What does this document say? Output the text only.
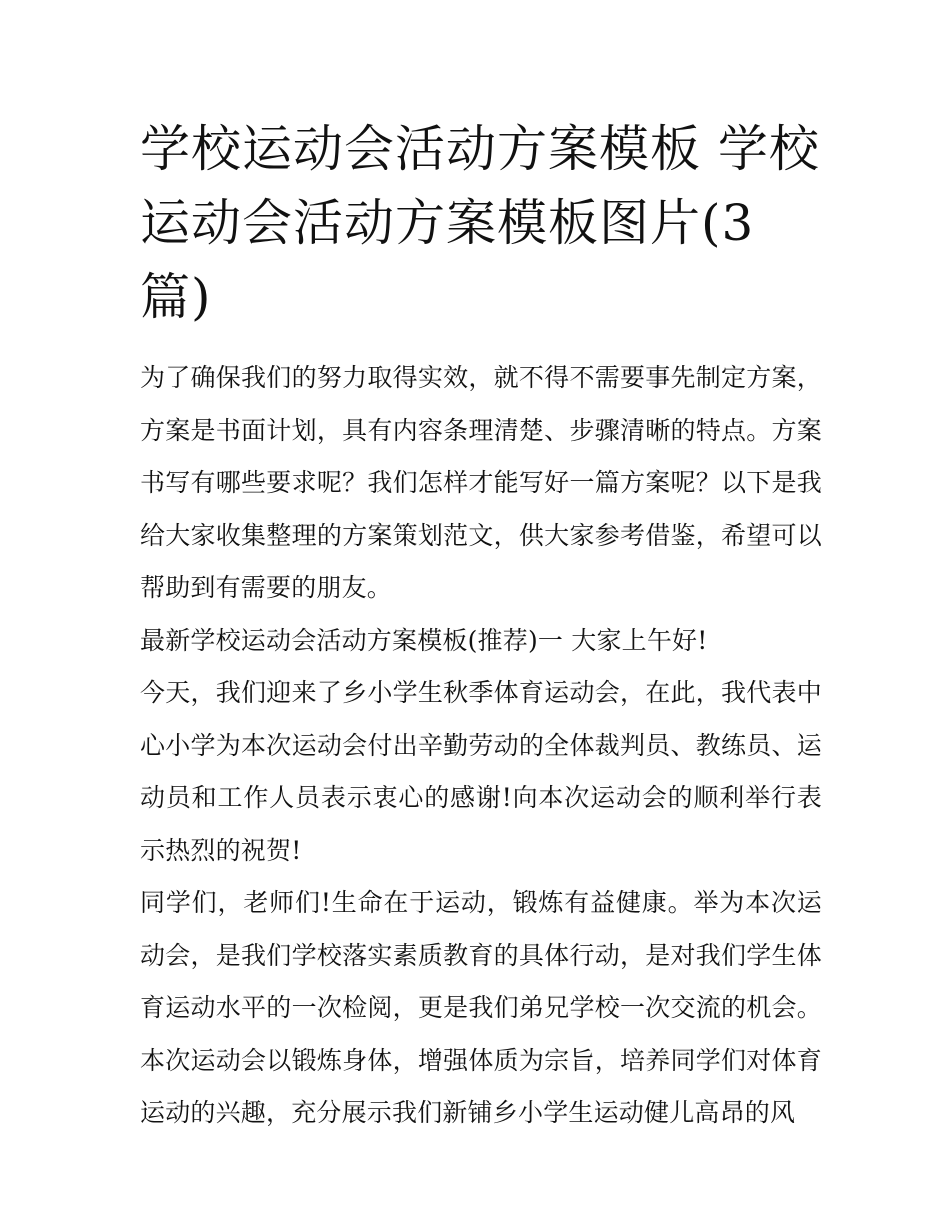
学校运动会活动方案模板 学校运动会活动方案模板图片(3篇)

为了确保我们的努力取得实效，就不得不需要事先制定方案，方案是书面计划，具有内容条理清楚、步骤清晰的特点。方案书写有哪些要求呢？我们怎样才能写好一篇方案呢？以下是我给大家收集整理的方案策划范文，供大家参考借鉴，希望可以帮助到有需要的朋友。

最新学校运动会活动方案模板(推荐)一 大家上午好!

今天，我们迎来了乡小学生秋季体育运动会，在此，我代表中心小学为本次运动会付出辛勤劳动的全体裁判员、教练员、运动员和工作人员表示衷心的感谢!向本次运动会的顺利举行表示热烈的祝贺!

同学们，老师们!生命在于运动，锻炼有益健康。举为本次运动会，是我们学校落实素质教育的具体行动，是对我们学生体育运动水平的一次检阅，更是我们弟兄学校一次交流的机会。本次运动会以锻炼身体，增强体质为宗旨，培养同学们对体育运动的兴趣，充分展示我们新铺乡小学生运动健儿高昂的风
